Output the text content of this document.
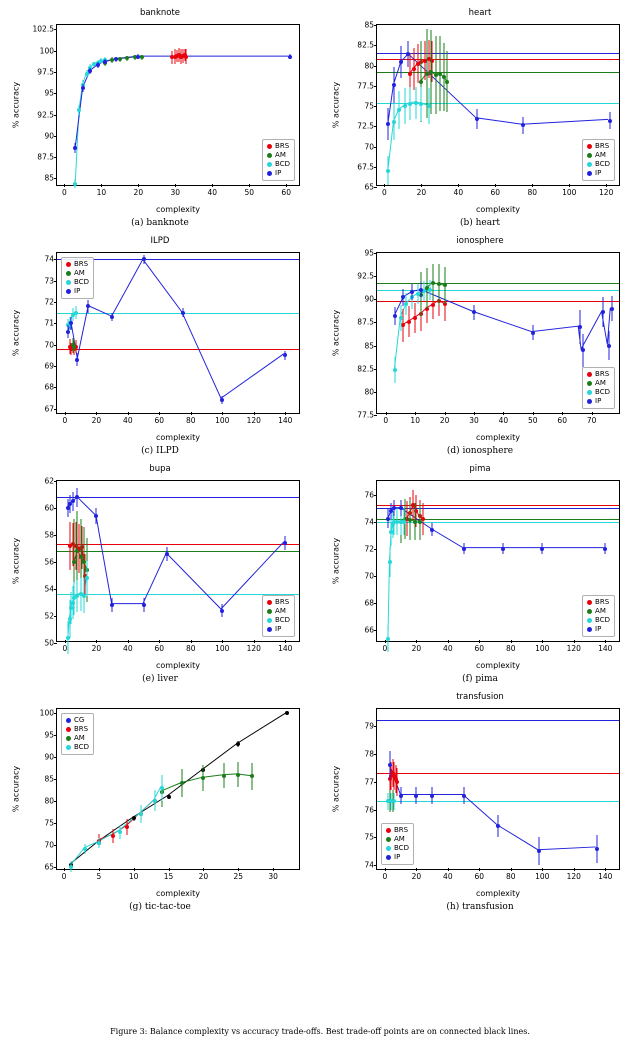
banknote
% accuracy
complexity
85
87.5
90
92.5
95
97.5
100
102.5
0	10	20	30	40	50	60
BRS
AM
BCD
IP
(a) banknote
heart
% accuracy
complexity
65
67.5
70
72.5
75
77.5
80
82.5
85
0	20	40	60	80	100	120
BRS
AM
BCD
IP
(b) heart
ILPD
% accuracy
complexity
67
68
69
70
71
72
73
74
0	20	40	60	80	100 120 140
BRS
AM
BCD
IP
(c) ILPD
ionosphere
% accuracy
complexity
77.5
80
82.5
85
87.5
90
92.5
95
0	10	20	30	40	50	60	70
BRS
AM
BCD
IP
(d) ionosphere
bupa
% accuracy
complexity
50
52
54
56
58
60
62
0	20	40	60	80	100 120 140
BRS
AM
BCD
IP
(e) liver
pima
% accuracy
complexity
66
68
70
72
74
76
0	20	40	60	80	100 120 140
BRS
AM
BCD
IP
(f) pima
% accuracy
complexity
65
70
75
80
85
90
95
100
0	5	10	15	20	25	30
CG
BRS
AM
BCD
(g) tic-tac-toe
transfusion
% accuracy
complexity
74
75
76
77
78
79
0	20	40	60	80	100 120 140
BRS
AM
BCD
IP
(h) transfusion
Figure 3: Balance complexity vs accuracy trade-offs. Best trade-off points are on connected black lines.
